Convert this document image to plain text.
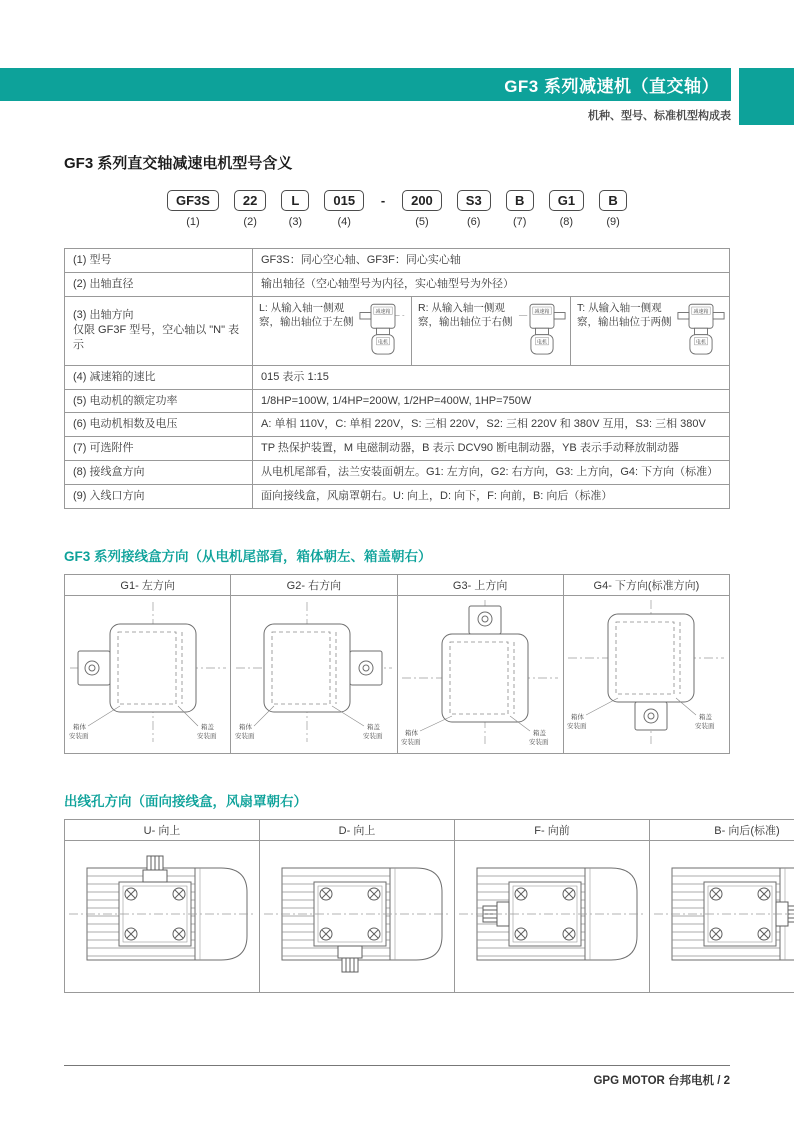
GF3 系列减速机（直交轴）
机种、型号、标准机型构成表
GF3 系列直交轴减速电机型号含义
GF3S
(1)
22
(2)
L
(3)
015
(4)
-	200
(5)
S3
(6)
B
(7)
G1
(8)
B
(9)
(1) 型号	GF3S：同心空心轴、GF3F：同心实心轴
(2) 出轴直径	输出轴径（空心轴型号为内径，实心轴型号为外径）

(3) 出轴方向
仅限 GF3F 型号，空心轴以 "N" 表示

L: 从输入轴一侧观察，输出轴位于左侧
减速箱
电机
R: 从输入轴一侧观察，输出轴位于右侧
减速箱
电机
T: 从输入轴一侧观察，输出轴位于两侧
减速箱
电机

(4) 减速箱的速比	015 表示 1:15
(5) 电动机的额定功率	1/8HP=100W, 1/4HP=200W, 1/2HP=400W, 1HP=750W
(6) 电动机相数及电压	A: 单相 110V，C: 单相 220V，S: 三相 220V，S2: 三相 220V 和 380V 互用，S3: 三相 380V
(7) 可选附件	TP 热保护装置，M 电磁制动器，B 表示 DCV90 断电制动器，YB 表示手动释放制动器
(8) 接线盒方向	从电机尾部看，法兰安装面朝左。G1: 左方向，G2: 右方向，G3: 上方向，G4: 下方向（标准）
(9) 入线口方向	面向接线盒，风扇罩朝右。U: 向上，D: 向下，F: 向前，B: 向后（标准）
GF3 系列接线盒方向（从电机尾部看，箱体朝左、箱盖朝右）
G1- 左方向	G2- 右方向	G3- 上方向	G4- 下方向(标准方向)

箱体
安装面
箱盖
安装面	箱体
安装面
箱盖
安装面	箱体
安装面
箱盖
安装面	箱体
安装面
箱盖
安装面
出线孔方向（面向接线盒，风扇罩朝右）
U- 向上	D- 向上	F- 向前	B- 向后(标准)

GPG MOTOR 台邦电机 / 2
